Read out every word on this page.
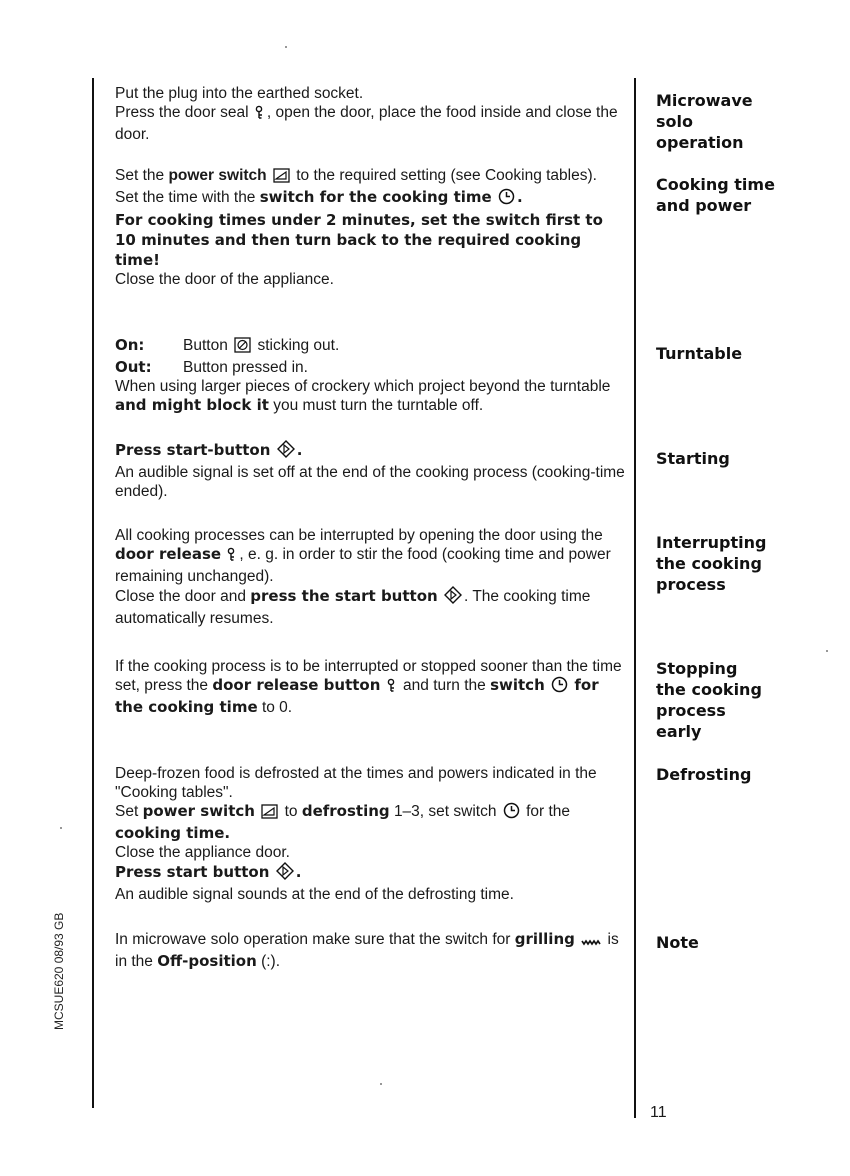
Put the plug into the earthed socket.
Press the door seal , open the door, place the food inside and close the door.
Microwave
solo
operation
Set the power switch to the required setting (see Cooking tables).
Set the time with the switch for the cooking time .
For cooking times under 2 minutes, set the switch first to 10 minutes and then turn back to the required cooking time!
Close the door of the appliance.
Cooking time
and power
On:	Button sticking out.
Out:	Button pressed in.
When using larger pieces of crockery which project beyond the turntable and might block it you must turn the turntable off.
Turntable
Press start-button .
An audible signal is set off at the end of the cooking process (cooking-time ended).
Starting
All cooking processes can be interrupted by opening the door using the door release , e. g. in order to stir the food (cooking time and power remaining unchanged).
Close the door and press the start button . The cooking time automatically resumes.
Interrupting
the cooking
process
If the cooking process is to be interrupted or stopped sooner than the time set, press the door release button and turn the switch for the cooking time to 0.
Stopping
the cooking
process
early
Deep-frozen food is defrosted at the times and powers indicated in the "Cooking tables".
Set power switch to defrosting 1–3, set switch for the cooking time.
Close the appliance door.
Press start button .
An audible signal sounds at the end of the defrosting time.
Defrosting
In microwave solo operation make sure that the switch for grilling is in the Off-position (:).
Note
MCSUE620 08/93 GB
11
